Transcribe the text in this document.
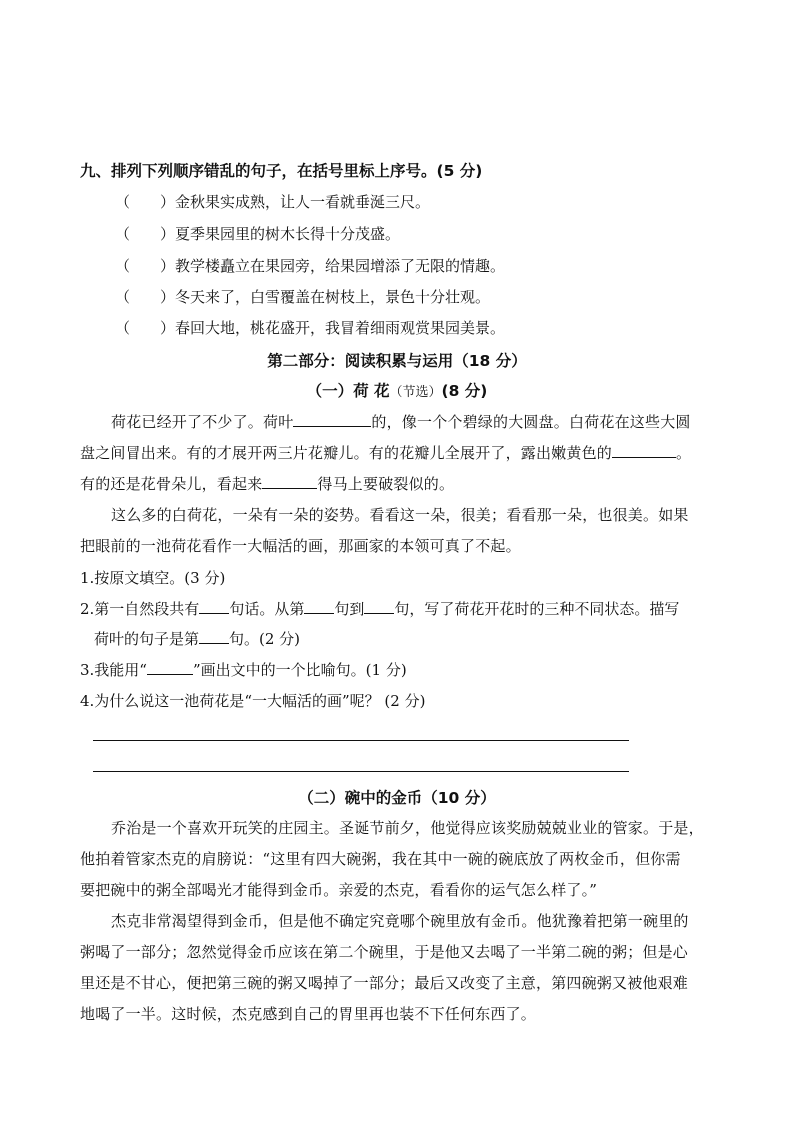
九、排列下列顺序错乱的句子，在括号里标上序号。(5 分)
（　　）金秋果实成熟，让人一看就垂涎三尺。
（　　）夏季果园里的树木长得十分茂盛。
（　　）教学楼矗立在果园旁，给果园增添了无限的情趣。
（　　）冬天来了，白雪覆盖在树枝上，景色十分壮观。
（　　）春回大地，桃花盛开，我冒着细雨观赏果园美景。
第二部分：阅读积累与运用（18 分）
（一）荷 花（节选）(8 分)
荷花已经开了不少了。荷叶	的，像一个个碧绿的大圆盘。白荷花在这些大圆
盘之间冒出来。有的才展开两三片花瓣儿。有的花瓣儿全展开了，露出嫩黄色的	。
有的还是花骨朵儿，看起来	得马上要破裂似的。
这么多的白荷花，一朵有一朵的姿势。看看这一朵，很美；看看那一朵，也很美。如果
把眼前的一池荷花看作一大幅活的画，那画家的本领可真了不起。
1.按原文填空。(3 分)
2.第一自然段共有 句话。从第 句到 句，写了荷花开花时的三种不同状态。描写
荷叶的句子是第 句。(2 分)
3.我能用“	”画出文中的一个比喻句。(1 分)
4.为什么说这一池荷花是“一大幅活的画”呢？ (2 分)
（二）碗中的金币（10 分）
乔治是一个喜欢开玩笑的庄园主。圣诞节前夕，他觉得应该奖励兢兢业业的管家。于是，
他拍着管家杰克的肩膀说：“这里有四大碗粥，我在其中一碗的碗底放了两枚金币，但你需
要把碗中的粥全部喝光才能得到金币。亲爱的杰克，看看你的运气怎么样了。”
杰克非常渴望得到金币，但是他不确定究竟哪个碗里放有金币。他犹豫着把第一碗里的
粥喝了一部分；忽然觉得金币应该在第二个碗里，于是他又去喝了一半第二碗的粥；但是心
里还是不甘心，便把第三碗的粥又喝掉了一部分；最后又改变了主意，第四碗粥又被他艰难
地喝了一半。这时候，杰克感到自己的胃里再也装不下任何东西了。
